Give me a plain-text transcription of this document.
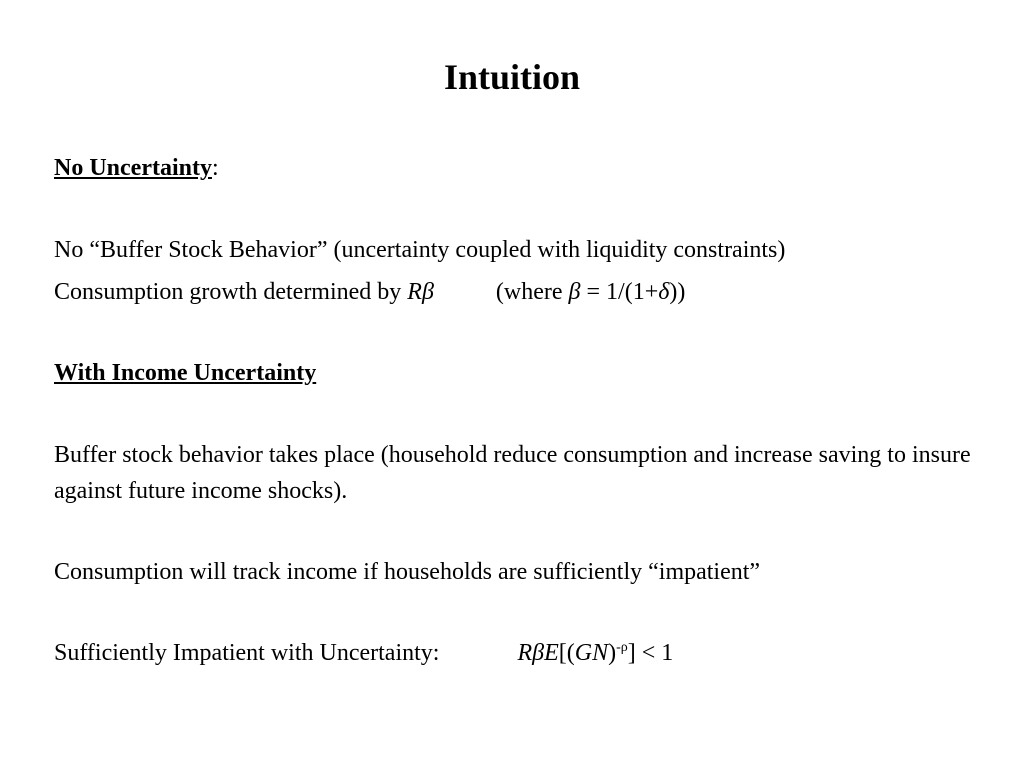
Intuition
No Uncertainty:
No “Buffer Stock Behavior” (uncertainty coupled with liquidity constraints)
Consumption growth determined by Rβ	(where β = 1/(1+δ))
With Income Uncertainty
Buffer stock behavior takes place (household reduce consumption and increase saving to insure against future income shocks).
Consumption will track income if households are sufficiently “impatient”
Sufficiently Impatient with Uncertainty:	RβE[(GN)$^{-\rho}$] < 1
